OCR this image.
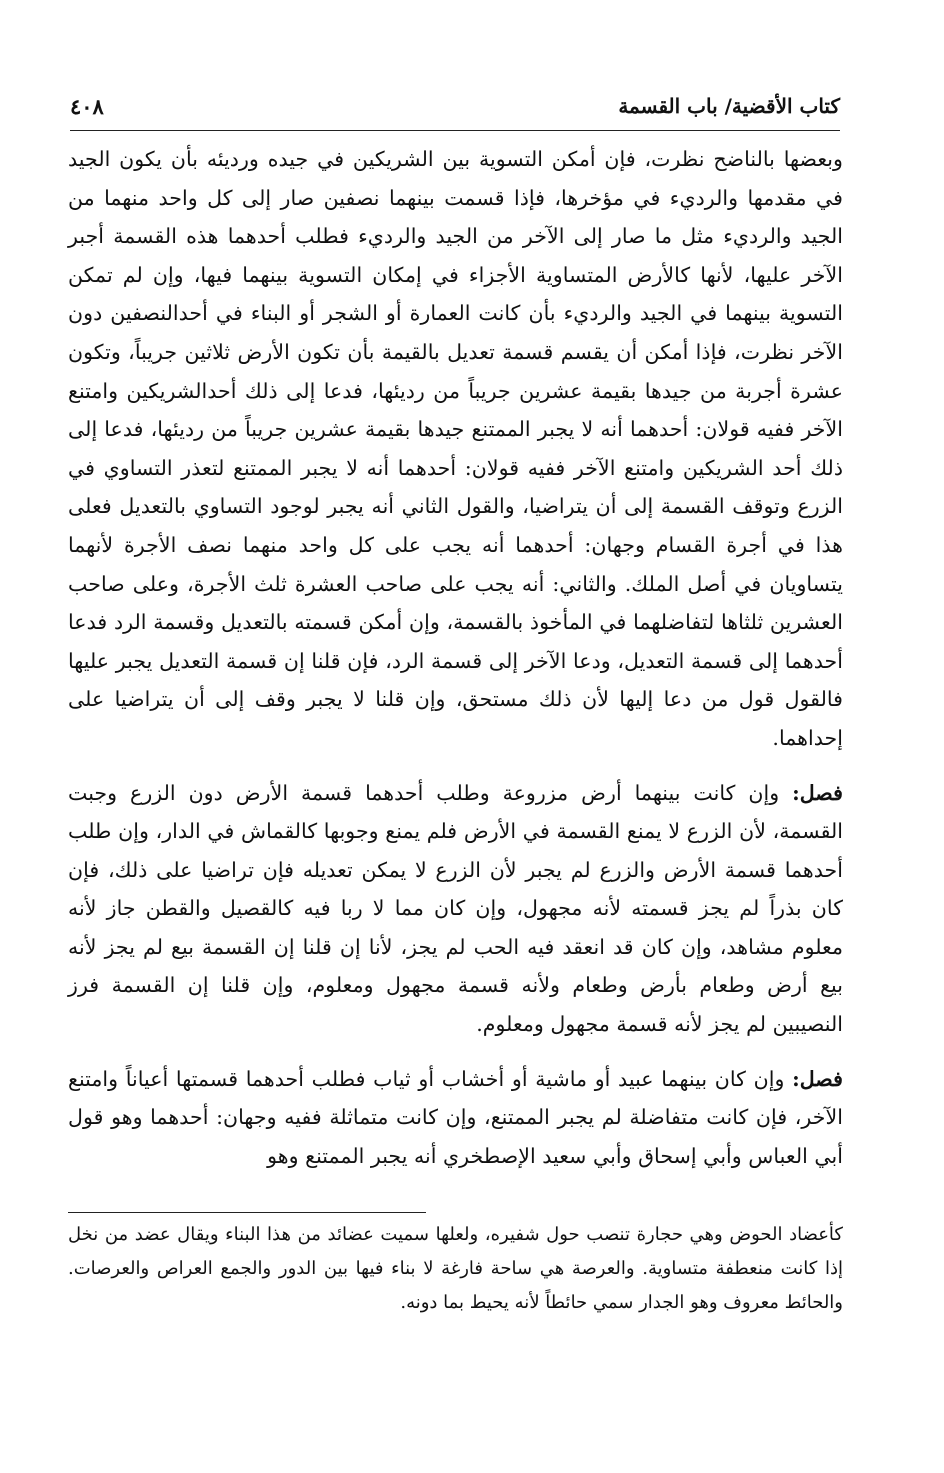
كتاب الأقضية/ باب القسمة
٤٠٨

وبعضها بالناضح نظرت، فإن أمكن التسوية بين الشريكين في جيده ورديئه بأن يكون الجيد في مقدمها والرديء في مؤخرها، فإذا قسمت بينهما نصفين صار إلى كل واحد منهما من الجيد والرديء مثل ما صار إلى الآخر من الجيد والرديء فطلب أحدهما هذه القسمة أجبر الآخر عليها، لأنها كالأرض المتساوية الأجزاء في إمكان التسوية بينهما فيها، وإن لم تمكن التسوية بينهما في الجيد والرديء بأن كانت العمارة أو الشجر أو البناء في أحدالنصفين دون الآخر نظرت، فإذا أمكن أن يقسم قسمة تعديل بالقيمة بأن تكون الأرض ثلاثين جريباً، وتكون عشرة أجربة من جيدها بقيمة عشرين جريباً من رديئها، فدعا إلى ذلك أحدالشريكين وامتنع الآخر ففيه قولان: أحدهما أنه لا يجبر الممتنع جيدها بقيمة عشرين جريباً من رديئها، فدعا إلى ذلك أحد الشريكين وامتنع الآخر ففيه قولان: أحدهما أنه لا يجبر الممتنع لتعذر التساوي في الزرع وتوقف القسمة إلى أن يتراضيا، والقول الثاني أنه يجبر لوجود التساوي بالتعديل فعلى هذا في أجرة القسام وجهان: أحدهما أنه يجب على كل واحد منهما نصف الأجرة لأنهما يتساويان في أصل الملك. والثاني: أنه يجب على صاحب العشرة ثلث الأجرة، وعلى صاحب العشرين ثلثاها لتفاضلهما في المأخوذ بالقسمة، وإن أمكن قسمته بالتعديل وقسمة الرد فدعا أحدهما إلى قسمة التعديل، ودعا الآخر إلى قسمة الرد، فإن قلنا إن قسمة التعديل يجبر عليها فالقول قول من دعا إليها لأن ذلك مستحق، وإن قلنا لا يجبر وقف إلى أن يتراضيا على إحداهما.

فصل: وإن كانت بينهما أرض مزروعة وطلب أحدهما قسمة الأرض دون الزرع وجبت القسمة، لأن الزرع لا يمنع القسمة في الأرض فلم يمنع وجوبها كالقماش في الدار، وإن طلب أحدهما قسمة الأرض والزرع لم يجبر لأن الزرع لا يمكن تعديله فإن تراضيا على ذلك، فإن كان بذراً لم يجز قسمته لأنه مجهول، وإن كان مما لا ربا فيه كالقصيل والقطن جاز لأنه معلوم مشاهد، وإن كان قد انعقد فيه الحب لم يجز، لأنا إن قلنا إن القسمة بيع لم يجز لأنه بيع أرض وطعام بأرض وطعام ولأنه قسمة مجهول ومعلوم، وإن قلنا إن القسمة فرز النصيبين لم يجز لأنه قسمة مجهول ومعلوم.

فصل: وإن كان بينهما عبيد أو ماشية أو أخشاب أو ثياب فطلب أحدهما قسمتها أعياناً وامتنع الآخر، فإن كانت متفاضلة لم يجبر الممتنع، وإن كانت متماثلة ففيه وجهان: أحدهما وهو قول أبي العباس وأبي إسحاق وأبي سعيد الإصطخري أنه يجبر الممتنع وهو

كأعضاد الحوض وهي حجارة تنصب حول شفيره، ولعلها سميت عضائد من هذا البناء ويقال عضد من نخل إذا كانت منعطفة متساوية. والعرصة هي ساحة فارغة لا بناء فيها بين الدور والجمع العراص والعرصات. والحائط معروف وهو الجدار سمي حائطاً لأنه يحيط بما دونه.
